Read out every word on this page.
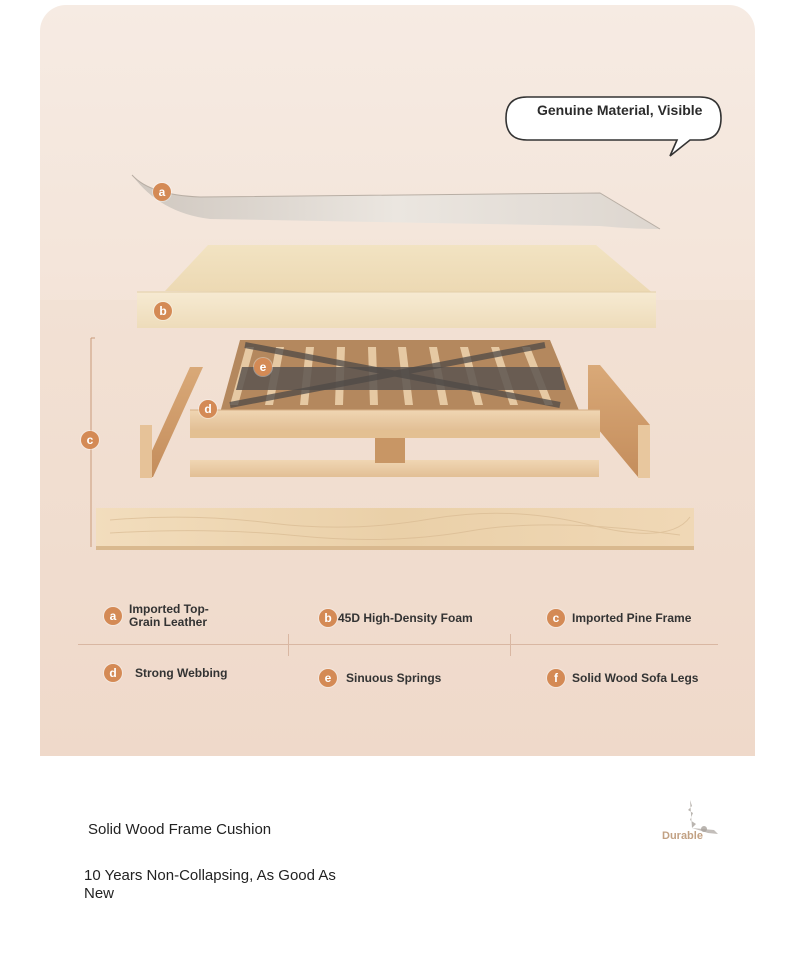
a
b
c
d
e
Genuine Material, Visible
a	Imported Top-Grain Leather	b 45D High-Density Foam	c	Imported Pine Frame
d	Strong Webbing	e	Sinuous Springs	f	Solid Wood Sofa Legs
Solid Wood Frame Cushion
10 Years Non-Collapsing, As Good As New
Durable
